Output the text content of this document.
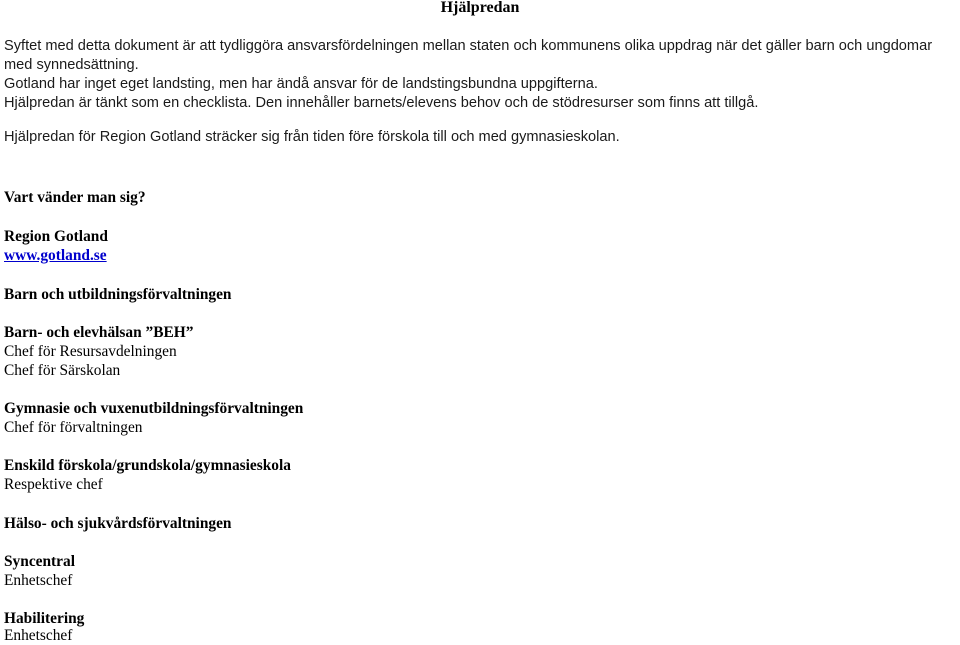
Hjälpredan

Syftet med detta dokument är att tydliggöra ansvarsfördelningen mellan staten och kommunens olika uppdrag när det gäller barn och ungdomar

med synnedsättning.

Gotland har inget eget landsting, men har ändå ansvar för de landstingsbundna uppgifterna.

Hjälpredan är tänkt som en checklista. Den innehåller barnets/elevens behov och de stödresurser som finns att tillgå.

Hjälpredan för Region Gotland sträcker sig från tiden före förskola till och med gymnasieskolan.

Vart vänder man sig?

Region Gotland

www.gotland.se

Barn och utbildningsförvaltningen

Barn- och elevhälsan ”BEH”

Chef för Resursavdelningen

Chef för Särskolan

Gymnasie och vuxenutbildningsförvaltningen

Chef för förvaltningen

Enskild förskola/grundskola/gymnasieskola

Respektive chef

Hälso- och sjukvårdsförvaltningen

Syncentral

Enhetschef

Habilitering

Enhetschef
